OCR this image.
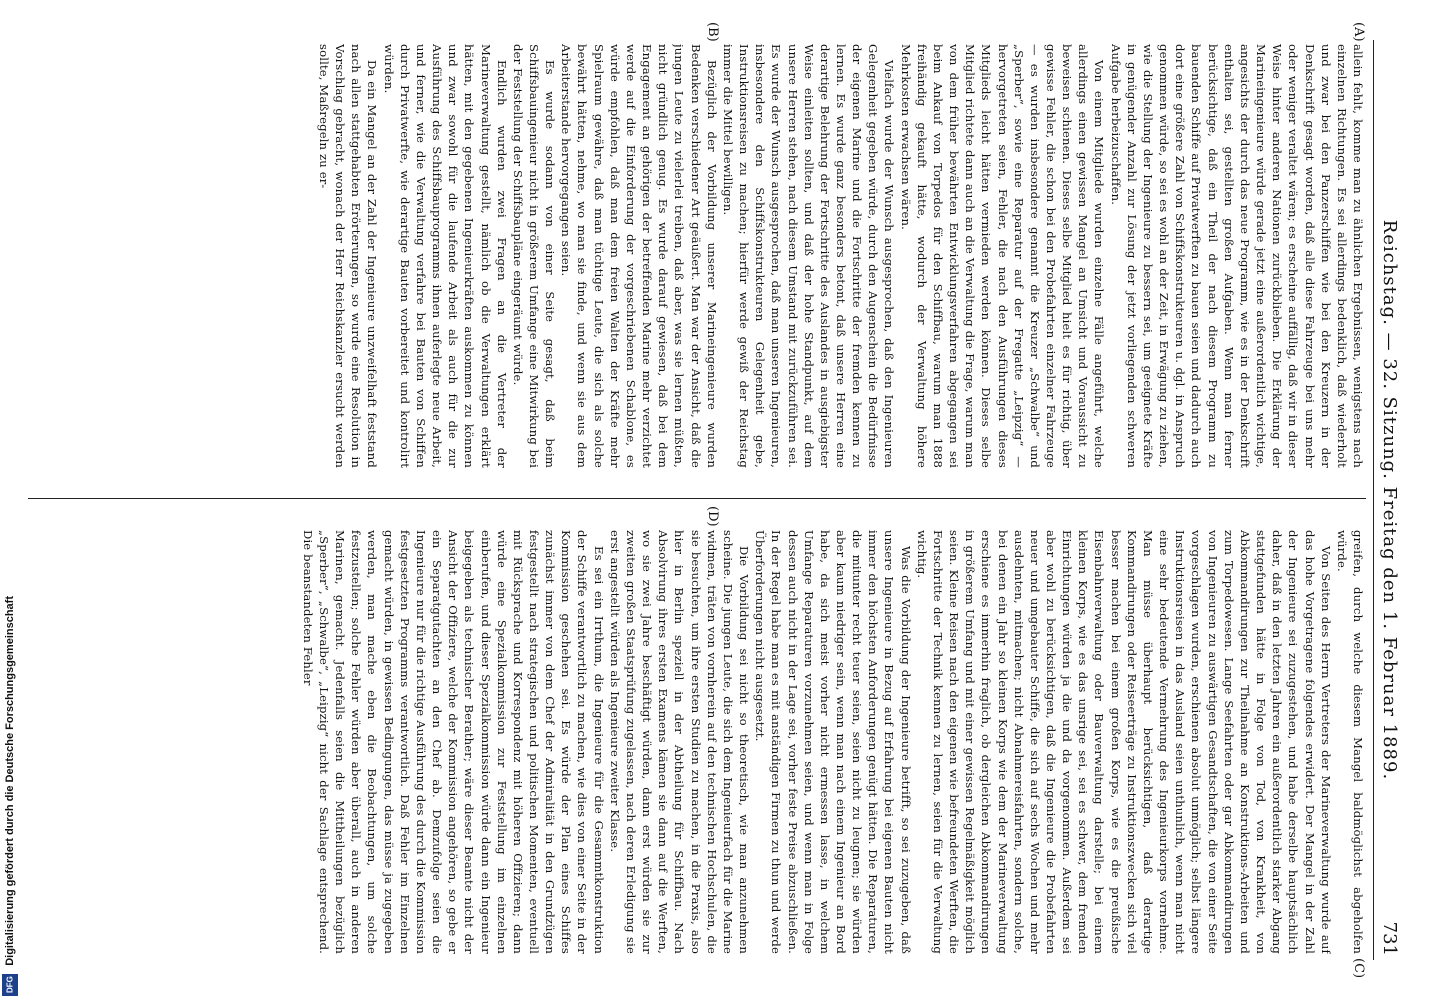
Reichstag. — 32. Sitzung. Freitag den 1. Februar 1889.
731
(A)
(B)
(C)
(D)

allein fehlt, komme man zu ähnlichen Ergebnissen, wenigstens nach einzelnen Richtungen. Es sei allerdings bedenklich, daß wiederholt und zwar bei den Panzerschiffen wie bei den Kreuzern in der Denkschrift gesagt worden, daß alle diese Fahrzeuge bei uns mehr oder weniger veraltet wären; es erscheine auffällig, daß wir in dieser Weise hinter anderen Nationen zurückblieben. Die Erklärung der Marineingenieure würde gerade jetzt eine außerordentlich wichtige, angesichts der durch das neue Programm, wie es in der Denkschrift enthalten sei, gestellten großen Aufgaben. Wenn man ferner berücksichtige, daß ein Theil der nach diesem Programm zu bauenden Schiffe auf Privatwerften zu bauen seien und dadurch auch dort eine größere Zahl von Schiffskonstrukteuren u. dgl. in Anspruch genommen würde, so sei es wohl an der Zeit, in Erwägung zu ziehen, wie die Stellung der Ingenieure zu bessern sei, um geeignete Kräfte in genügender Anzahl zur Lösung der jetzt vorliegenden schweren Aufgabe herbeizuschaffen.

Von einem Mitgliede wurden einzelne Fälle angeführt, welche allerdings einen gewissen Mangel an Umsicht und Voraussicht zu beweisen schienen. Dieses selbe Mitglied hielt es für richtig, über gewisse Fehler, die schon bei den Probefahrten einzelner Fahrzeuge — es wurden insbesondere genannt die Kreuzer „Schwalbe“ und „Sperber“, sowie eine Reparatur auf der Fregatte „Leipzig“ — hervorgetreten seien, Fehler, die nach den Ausführungen dieses Mitglieds leicht hätten vermieden werden können. Dieses selbe Mitglied richtete dann auch an die Verwaltung die Frage, warum man von dem früher bewährten Entwicklungsverfahren abgegangen sei beim Ankauf von Torpedos für den Schiffbau, warum man 1888 freihändig gekauft hätte, wodurch der Verwaltung höhere Mehrkosten erwachsen wären.

Vielfach wurde der Wunsch ausgesprochen, daß den Ingenieuren Gelegenheit gegeben würde, durch den Augenschein die Bedürfnisse der eigenen Marine und die Fortschritte der fremden kennen zu lernen. Es wurde ganz besonders betont, daß unsere Herren eine derartige Belehrung der Fortschritte des Auslandes in ausgiebigster Weise einleiten sollten, und daß der hohe Standpunkt, auf dem unsere Herren stehen, nach diesem Umstand mit zurückzuführen sei. Es wurde der Wunsch ausgesprochen, daß man unseren Ingenieuren, insbesondere den Schiffskonstrukteuren Gelegenheit gebe, Instruktionsreisen zu machen; hierfür werde gewiß der Reichstag immer die Mittel bewilligen.

Bezüglich der Vorbildung unserer Marineingenieure wurden Bedenken verschiedener Art geäußert. Man war der Ansicht, daß die jungen Leute zu vielerlei treiben, daß aber, was sie lernen müßten, nicht gründlich genug. Es wurde darauf gewiesen, daß bei dem Engagement an gehörigen der betreffenden Marine mehr verzichtet werde auf die Einforderung der vorgeschriebenen Schablone, es würde empfohlen, daß man dem freien Walten der Kräfte mehr Spielraum gewähre, daß man tüchtige Leute, die sich als solche bewährt hätten, nehme, wo man sie finde, und wenn sie aus dem Arbeiterstande hervorgegangen seien.

Es wurde sodann von einer Seite gesagt, daß beim Schiffsbauingenieur nicht in größerem Umfange eine Mitwirkung bei der Feststellung der Schiffsbaupläne eingeräumt würde.

Endlich wurden zwei Fragen an die Vertreter der Marineverwaltung gestellt, nämlich ob die Verwaltungen erklärt hätten, mit den gegebenen Ingenieurkräften auskommen zu können und zwar sowohl für die laufende Arbeit als auch für die zur Ausführung des Schiffsbauprogramms ihnen auferlegte neue Arbeit, und ferner, wie die Verwaltung verfahre bei Bauten von Schiffen durch Privatwerfte, wie derartige Bauten vorbereitet und kontrolirt würden.

Da ein Mangel an der Zahl der Ingenieure unzweifelhaft feststand nach allen stattgehabten Erörterungen, so wurde eine Resolution in Vorschlag gebracht, wonach der Herr Reichskanzler ersucht werden sollte, Maßregeln zu er-

greifen, durch welche diesem Mangel baldmöglichst abgeholfen würde.

Von Seiten des Herrn Vertreters der Marineverwaltung wurde auf das hohe Vorgetragene folgendes erwidert. Der Mangel in der Zahl der Ingenieure sei zuzugestehen, und habe derselbe hauptsächlich daher, daß in den letzten Jahren ein außerordentlich starker Abgang stattgefunden hätte in Folge von Tod, von Krankheit, von Abkommandirungen zur Theilnahme an Konstruktions-Arbeiten und zum Torpedowesen. Lange Seefahrten oder gar Abkommandirungen von Ingenieuren zu auswärtigen Gesandtschaften, die von einer Seite vorgeschlagen wurden, erschienen absolut unmöglich; selbst längere Instruktionsreisen in das Ausland seien unthunlich, wenn man nicht eine sehr bedeutende Vermehrung des Ingenieurkorps vornehme. Man müsse überhaupt berücksichtigen, daß derartige Kommandirungen oder Reiseerträge zu Instruktionszwecken sich viel besser machen bei einem großen Korps, wie es die preußische Eisenbahnverwaltung oder Bauverwaltung darstelle; bei einem kleinen Korps, wie es das unsrige sei, sei es schwer, dem fremden Einrichtungen würden ja die und da vorgenommen. Außerdem sei aber wohl zu berücksichtigen, daß die Ingenieure die Probefahrten neuer und umgebauter Schiffe, die sich auf sechs Wochen und mehr ausdehnten, mitmachen; nicht Abnahmereisfahrten, sondern solche, bei denen ein Jahr so kleinen Korps wie dem der Marineverwaltung erschiene es immerhin fraglich, ob dergleichen Abkommandirungen in größerem Umfang und mit einer gewissen Regelmäßigkeit möglich seien. Kleine Reisen nach den eigenen wie befreundeten Werften, die Fortschritte der Technik kennen zu lernen, seien für die Verwaltung wichtig.

Was die Vorbildung der Ingenieure betrifft, so sei zuzugeben, daß unsere Ingenieure in Bezug auf Erfahrung bei eigenen Bauten nicht immer den höchsten Anforderungen genügt hätten. Die Reparaturen, die mitunter recht teuer seien, seien nicht zu leugnen; sie würden aber kaum niedriger sein, wenn man nach einem Ingenieur an Bord habe, da sich meist vorher nicht ermessen lasse, in welchem Umfange Reparaturen vorzunehmen seien, und wenn man in Folge dessen auch nicht in der Lage sei, vorher feste Preise abzuschließen. In der Regel habe man es mit anständigen Firmen zu thun und werde Überforderungen nicht ausgesetzt.

Die Vorbildung sei nicht so theoretisch, wie man anzunehmen scheine. Die jungen Leute, die sich dem Ingenieurfach für die Marine widmen, träten von vornherein auf den technischen Hochschulen, die sie besuchten, um ihre ersten Studien zu machen, in die Praxis, also hier in Berlin speziell in der Abtheilung für Schiffbau. Nach Absolvirung ihres ersten Examens kämen sie dann auf die Werften, wo sie zwei Jahre beschäftigt würden, dann erst würden sie zur zweiten großen Staatsprüfung zugelassen, nach deren Erledigung sie erst angestellt würden als Ingenieure zweiter Klasse.

Es sei ein Irrthum, die Ingenieure für die Gesammtkonstruktion der Schiffe verantwortlich zu machen, wie dies von einer Seite in der Kommission geschehen sei. Es würde der Plan eines Schiffes zunächst immer von dem Chef der Admiralität in den Grundzügen festgestellt nach strategischen und politischen Momenten, eventuell mit Rücksprache und Korrespondenz mit höheren Offizieren; dann würde eine Spezialkommission zur Feststellung im einzelnen einberufen, und dieser Spezialkommission würde dann ein Ingenieur beigegeben als technischer Berather; wäre dieser Beamte nicht der Ansicht der Offiziere, welche der Kommission angehören, so gebe er ein Separatgutachten an den Chef ab. Demzufolge seien die Ingenieure nur für die richtige Ausführung des durch die Kommission festgesetzten Programms verantwortlich. Daß Fehler im Einzelnen gemacht würden, in gewissen Bedingungen, das müsse ja zugegeben werden, man mache eben die Beobachtungen, um solche festzustellen; solche Fehler würden aber überall, auch in anderen Marinen, gemacht. Jedenfalls seien die Mittheilungen bezüglich „Sperber“, „Schwalbe“, „Leipzig“ nicht der Sachlage entsprechend. Die beanstandeten Fehler

Digitalisierung gefördert durch die Deutsche Forschungsgemeinschaft
DFG
